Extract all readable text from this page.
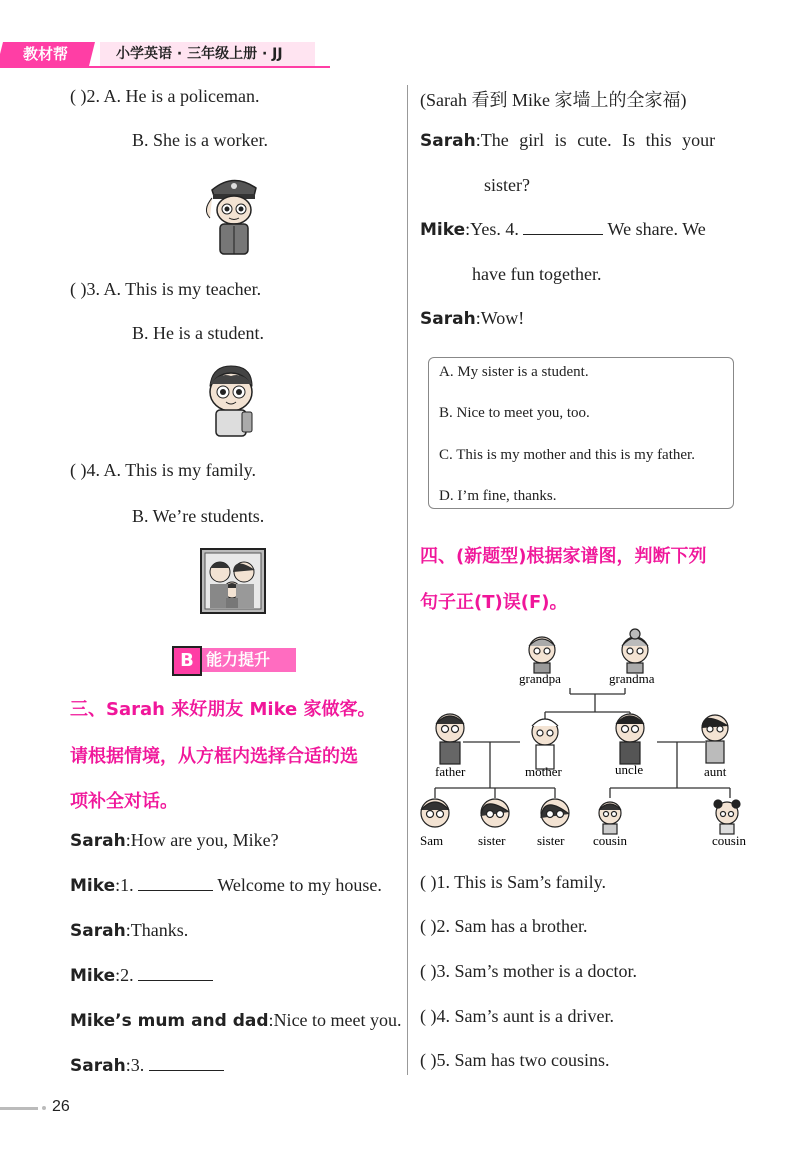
教材帮	小学英语 · 三年级上册 · JJ
( )2. A. He is a policeman.
B. She is a worker.
( )3. A. This is my teacher.
B. He is a student.
( )4. A. This is my family.
B. We’re students.
能力提升
B
三、Sarah 来好朋友 Mike 家做客。
请根据情境，从方框内选择合适的选
项补全对话。
Sarah:How are you, Mike?
Mike:1.	Welcome to my house.
Sarah:Thanks.
Mike:2.
Mike’s mum and dad:Nice to meet you.
Sarah:3.
(Sarah 看到 Mike 家墙上的全家福)
Sarah:The girl is cute. Is this your
sister?
Mike:Yes. 4.	We share. We
have fun together.
Sarah:Wow!
A. My sister is a student.
B. Nice to meet you, too.
C. This is my mother and this is my father.
D. I’m fine, thanks.
四、(新题型)根据家谱图，判断下列
句子正(T)误(F)。
grandpa	grandma
father	mother	uncle	aunt
Sam	sister sister cousin	cousin
( )1. This is Sam’s family.
( )2. Sam has a brother.
( )3. Sam’s mother is a doctor.
( )4. Sam’s aunt is a driver.
( )5. Sam has two cousins.
26
